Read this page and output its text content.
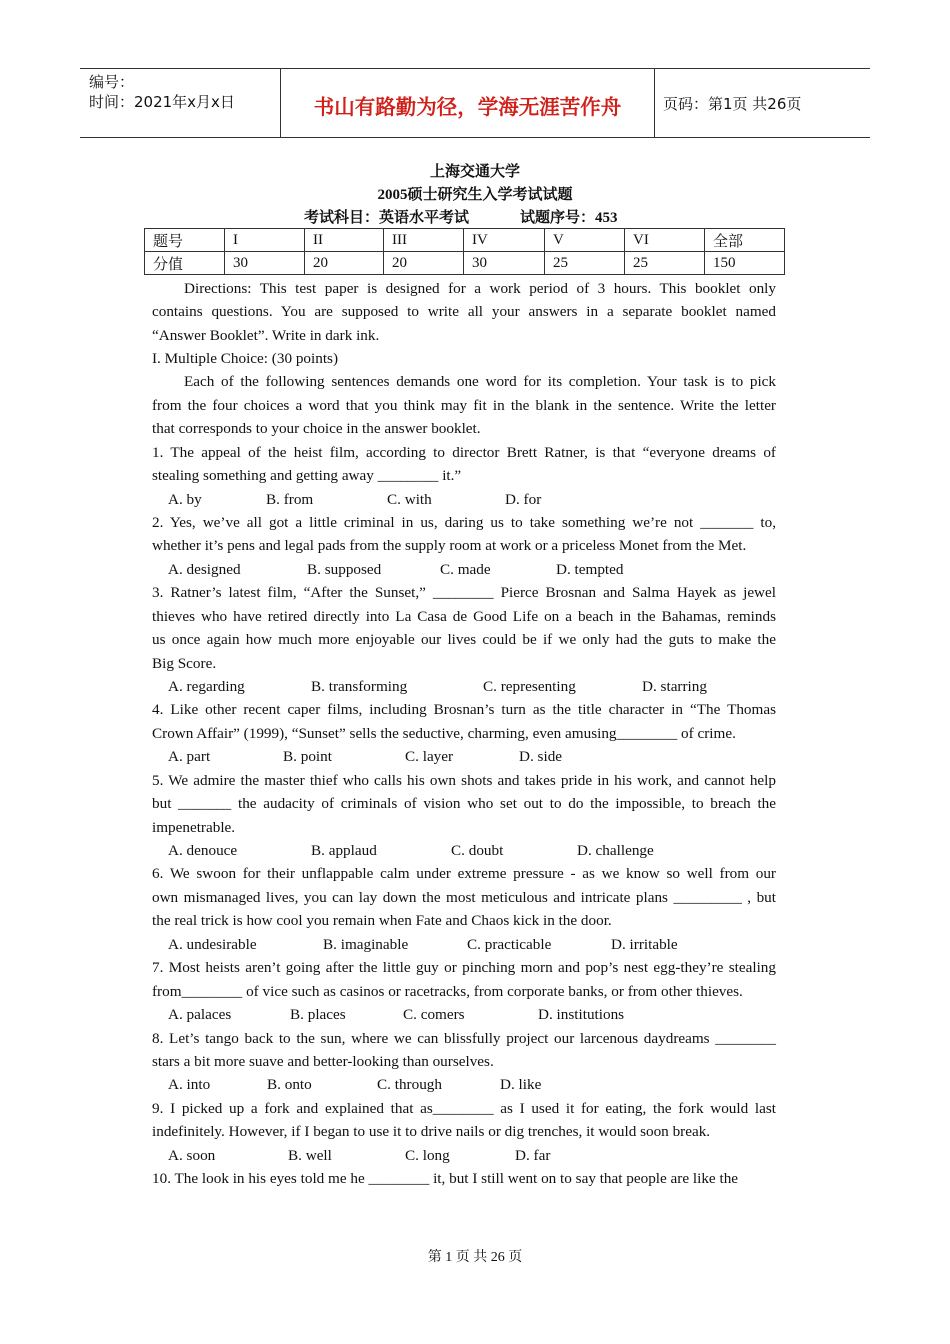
编号：
时间：2021年x月x日	书山有路勤为径，学海无涯苦作舟	页码：第1页 共26页
上海交通大学
2005硕士研究生入学考试试题
考试科目：英语水平考试	试题序号：453
题号	I	II	III	IV	V	VI	全部
分值	30	20	20	30	25	25	150
Directions: This test paper is designed for a work period of 3 hours. This booklet only
contains questions. You are supposed to write all your answers in a separate booklet named
“Answer Booklet”. Write in dark ink.
I. Multiple Choice: (30 points)
Each of the following sentences demands one word for its completion. Your task is to pick
from the four choices a word that you think may fit in the blank in the sentence. Write the letter
that corresponds to your choice in the answer booklet.
1. The appeal of the heist film, according to director Brett Ratner, is that “everyone dreams of
stealing something and getting away ________ it.”
A. by	B. from	C. with	D. for
2. Yes, we’ve all got a little criminal in us, daring us to take something we’re not _______ to,
whether it’s pens and legal pads from the supply room at work or a priceless Monet from the Met.
A. designed	B. supposed	C. made	D. tempted
3. Ratner’s latest film, “After the Sunset,” ________ Pierce Brosnan and Salma Hayek as jewel
thieves who have retired directly into La Casa de Good Life on a beach in the Bahamas, reminds
us once again how much more enjoyable our lives could be if we only had the guts to make the
Big Score.
A. regarding	B. transforming	C. representing	D. starring
4. Like other recent caper films, including Brosnan’s turn as the title character in “The Thomas
Crown Affair” (1999), “Sunset” sells the seductive, charming, even amusing________ of crime.
A. part	B. point	C. layer	D. side
5. We admire the master thief who calls his own shots and takes pride in his work, and cannot help
but _______ the audacity of criminals of vision who set out to do the impossible, to breach the
impenetrable.
A. denouce	B. applaud	C. doubt	D. challenge
6. We swoon for their unflappable calm under extreme pressure - as we know so well from our
own mismanaged lives, you can lay down the most meticulous and intricate plans _________ , but
the real trick is how cool you remain when Fate and Chaos kick in the door.
A. undesirable	B. imaginable	C. practicable	D. irritable
7. Most heists aren’t going after the little guy or pinching morn and pop’s nest egg-they’re stealing
from________ of vice such as casinos or racetracks, from corporate banks, or from other thieves.
A. palaces	B. places	C. comers	D. institutions
8. Let’s tango back to the sun, where we can blissfully project our larcenous daydreams ________
stars a bit more suave and better-looking than ourselves.
A. into	B. onto	C. through	D. like
9. I picked up a fork and explained that as________ as I used it for eating, the fork would last
indefinitely. However, if I began to use it to drive nails or dig trenches, it would soon break.
A. soon	B. well	C. long	D. far
10. The look in his eyes told me he ________ it, but I still went on to say that people are like the
第 1 页 共 26 页
